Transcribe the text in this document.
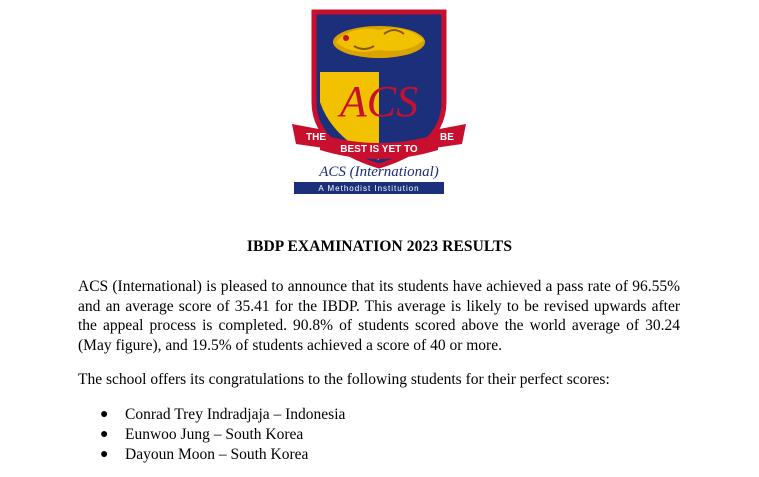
ACS
THE
BEST IS YET TO
BE
ACS (International)
A Methodist Institution
IBDP EXAMINATION 2023 RESULTS

ACS (International) is pleased to announce that its students have achieved a pass rate of 96.55% and an average score of 35.41 for the IBDP. This average is likely to be revised upwards after the appeal process is completed. 90.8% of students scored above the world average of 30.24 (May figure), and 19.5% of students achieved a score of 40 or more.

The school offers its congratulations to the following students for their perfect scores:

● Conrad Trey Indradjaja – Indonesia
● Eunwoo Jung – South Korea
● Dayoun Moon – South Korea
